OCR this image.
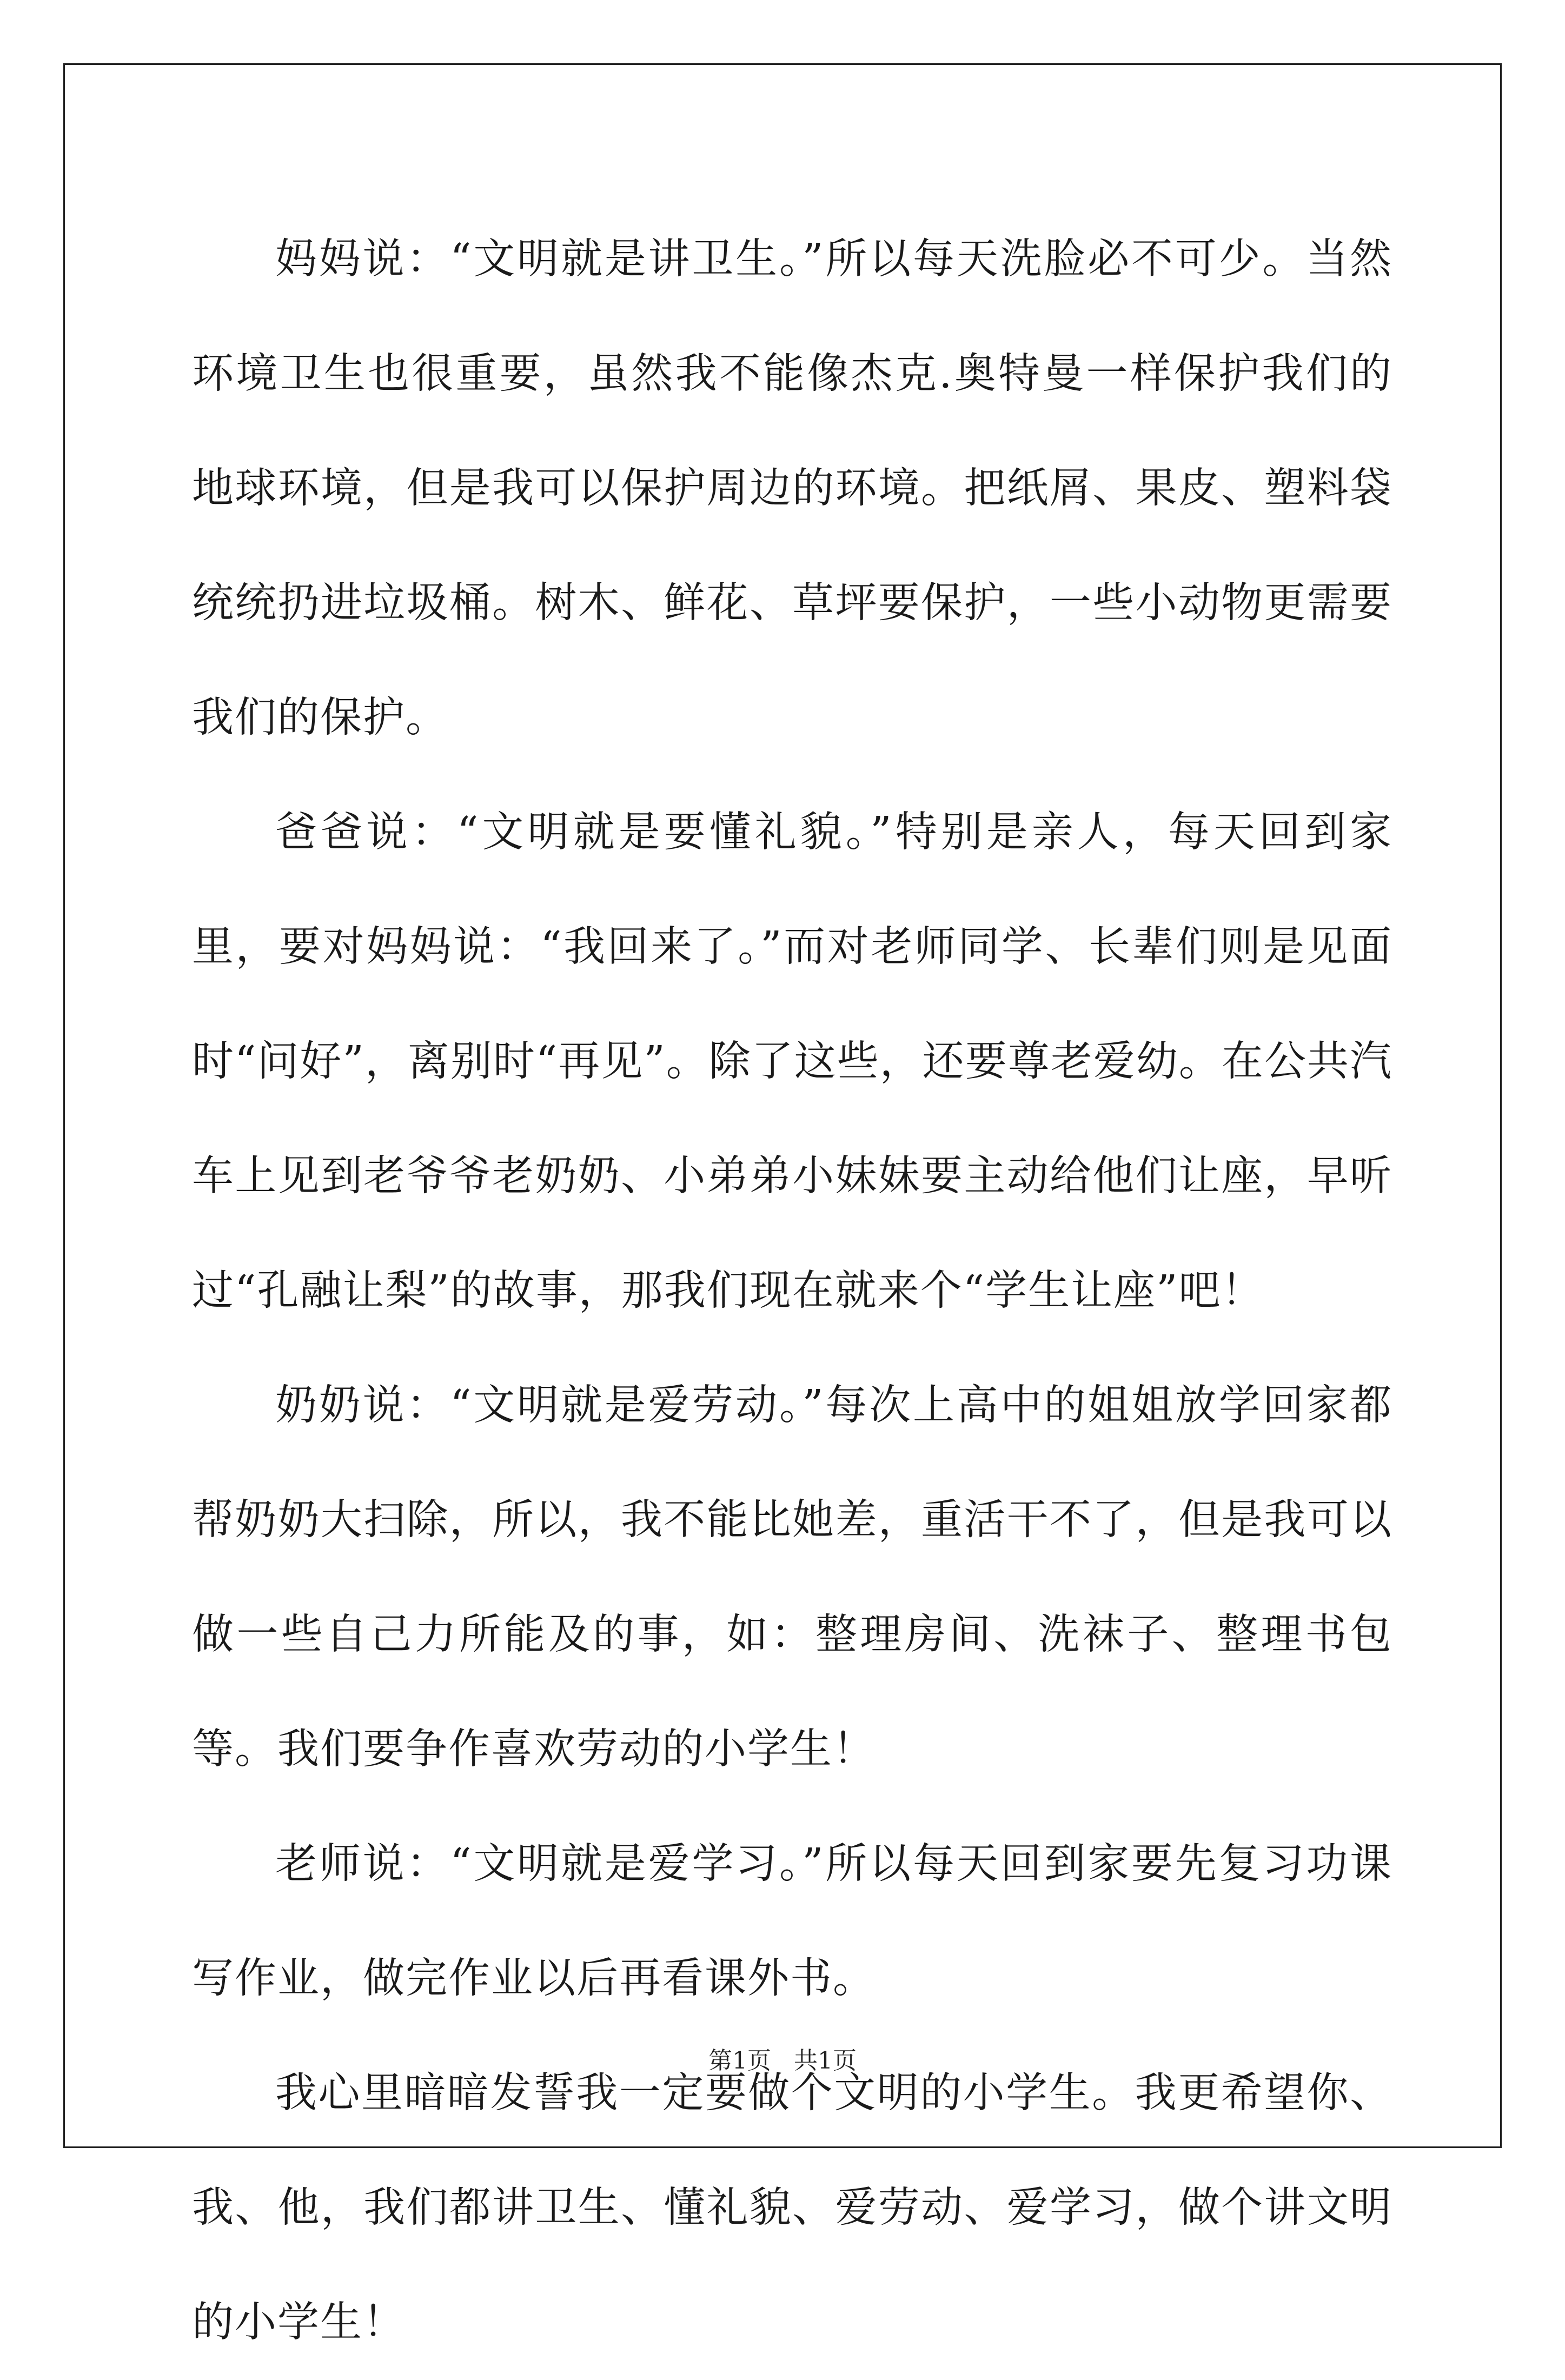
妈妈说：“文明就是讲卫生。”所以每天洗脸必不可少。当然环境卫生也很重要，虽然我不能像杰克.奥特曼一样保护我们的地球环境，但是我可以保护周边的环境。把纸屑、果皮、塑料袋统统扔进垃圾桶。树木、鲜花、草坪要保护，一些小动物更需要我们的保护。

爸爸说：“文明就是要懂礼貌。”特别是亲人，每天回到家里，要对妈妈说：“我回来了。”而对老师同学、长辈们则是见面时“问好”，离别时“再见”。除了这些，还要尊老爱幼。在公共汽车上见到老爷爷老奶奶、小弟弟小妹妹要主动给他们让座，早听过“孔融让梨”的故事，那我们现在就来个“学生让座”吧！

奶奶说：“文明就是爱劳动。”每次上高中的姐姐放学回家都帮奶奶大扫除，所以，我不能比她差，重活干不了，但是我可以做一些自己力所能及的事，如：整理房间、洗袜子、整理书包等。我们要争作喜欢劳动的小学生！

老师说：“文明就是爱学习。”所以每天回到家要先复习功课写作业，做完作业以后再看课外书。

我心里暗暗发誓我一定要做个文明的小学生。我更希望你、我、他，我们都讲卫生、懂礼貌、爱劳动、爱学习，做个讲文明的小学生！

第1页   共1页
